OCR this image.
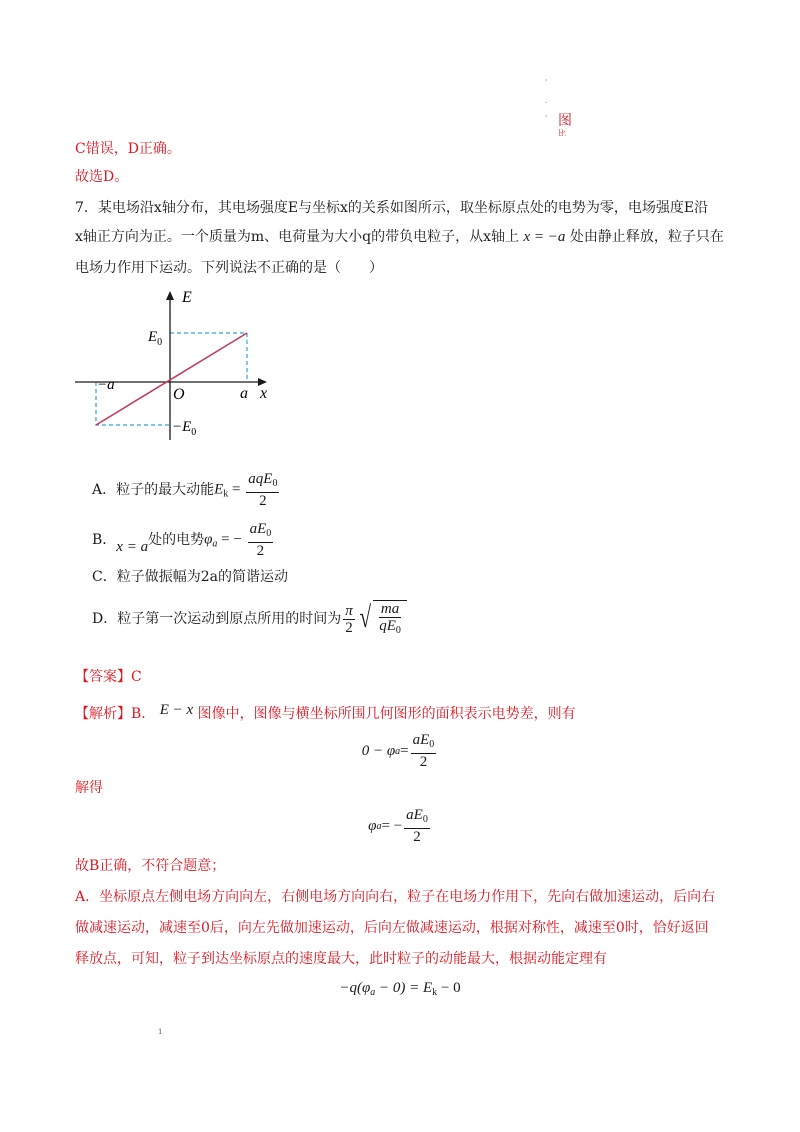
'
.
' 图
比
C错误，D正确。
故选D。
7．某电场沿x轴分布，其电场强度E与坐标x的关系如图所示，取坐标原点处的电势为零，电场强度E沿
x轴正方向为正。一个质量为m、电荷量为大小q的带负电粒子，从x轴上 x = −a 处由静止释放，粒子只在
电场力作用下运动。下列说法不正确的是（　　）
E
x
O	a
−a
$E_0$
$-E_0$
A．粒子的最大动能 $E_k = \frac{aqE_0}{2}$
B． x = a 处的电势 $\varphi_a$ = − $\frac{aE_0}{2}$
C．粒子做振幅为2a的简谐运动
D．粒子第一次运动到原点所用的时间为 $\frac{\pi}{2}$ √ $\frac{ma}{qE_0}$
【答案】C
【解析】B． E − x 图像中，图像与横坐标所围几何图形的面积表示电势差，则有
0 − φ $a = \frac{aE_0}{2}$
解得
φ a = − $\frac{aE_0}{2}$
故B正确，不符合题意；
A．坐标原点左侧电场方向向左，右侧电场方向向右，粒子在电场力作用下，先向右做加速运动，后向右
做减速运动，减速至0后，向左先做加速运动，后向左做减速运动，根据对称性，减速至0时，恰好返回
释放点，可知，粒子到达坐标原点的速度最大，此时粒子的动能最大，根据动能定理有
$-q(\varphi_a - 0) = E_k - 0$
1
